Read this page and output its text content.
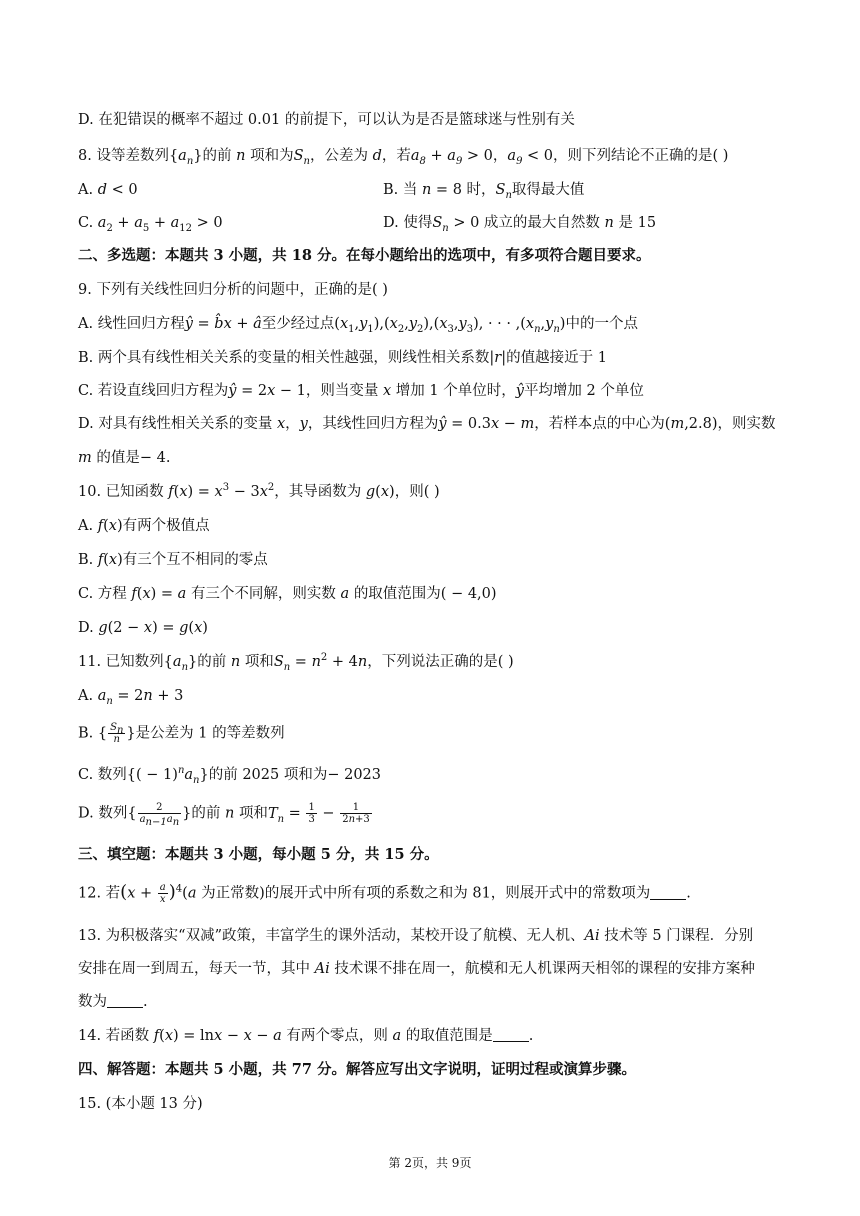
D. 在犯错误的概率不超过 0.01 的前提下，可以认为是否是篮球迷与性别有关
8. 设等差数列$\{a_n\}$的前 n 项和为$S_n$，公差为 d，若$a_8 + a_9 > 0$，$a_9 < 0$，则下列结论不正确的是( )
A. d < 0	B. 当 n = 8 时，$S_n$取得最大值
C. $a_2 + a_5 + a_{12} > 0$	D. 使得$S_n > 0$ 成立的最大自然数 n 是 15
二、多选题：本题共 3 小题，共 18 分。在每小题给出的选项中，有多项符合题目要求。
9. 下列有关线性回归分析的问题中，正确的是( )
A. 线性回归方程ŷ = b̂x + â至少经过点$(x_1,y_1),(x_2,y_2),(x_3,y_3)$, · · · $,(x_n,y_n)$中的一个点
B. 两个具有线性相关关系的变量的相关性越强，则线性相关系数|r|的值越接近于 1
C. 若设直线回归方程为ŷ = 2x − 1，则当变量 x 增加 1 个单位时，ŷ平均增加 2 个单位
D. 对具有线性相关关系的变量 x，y，其线性回归方程为ŷ = 0.3x − m，若样本点的中心为(m,2.8)，则实数
m 的值是− 4.
10. 已知函数 $f(x) = x^3 - 3x^2$，其导函数为 g(x)，则( )
A. f(x)有两个极值点
B. f(x)有三个互不相同的零点
C. 方程 f(x) = a 有三个不同解，则实数 a 的取值范围为( − 4,0)
D. g(2 − x) = g(x)
11. 已知数列$\{a_n\}$的前 n 项和$S_n = n^2 + 4n$，下列说法正确的是( )
A. $a_n = 2n + 3$
B. { $\frac{S_n}{n}$ }是公差为 1 的等差数列
C. 数列{( − $1)^na_n$}的前 2025 项和为− 2023
D. 数列{ $\frac{2}{a_{n-1}a_n}$ }的前 n 项和$T_n = \frac{1}{3} - \frac{1}{2n+3}$
三、填空题：本题共 3 小题，每小题 5 分，共 15 分。
12. 若$(x + \frac{a}{x} )^4(a$ 为正常数)的展开式中所有项的系数之和为 81，则展开式中的常数项为 .
13. 为积极落实“双减”政策，丰富学生的课外活动，某校开设了航模、无人机、Ai 技术等 5 门课程．分别
安排在周一到周五，每天一节，其中 Ai 技术课不排在周一，航模和无人机课两天相邻的课程的安排方案种
数为 .
14. 若函数 f(x) = lnx − x − a 有两个零点，则 a 的取值范围是 .
四、解答题：本题共 5 小题，共 77 分。解答应写出文字说明，证明过程或演算步骤。
15. (本小题 13 分)
第 2页，共 9页
